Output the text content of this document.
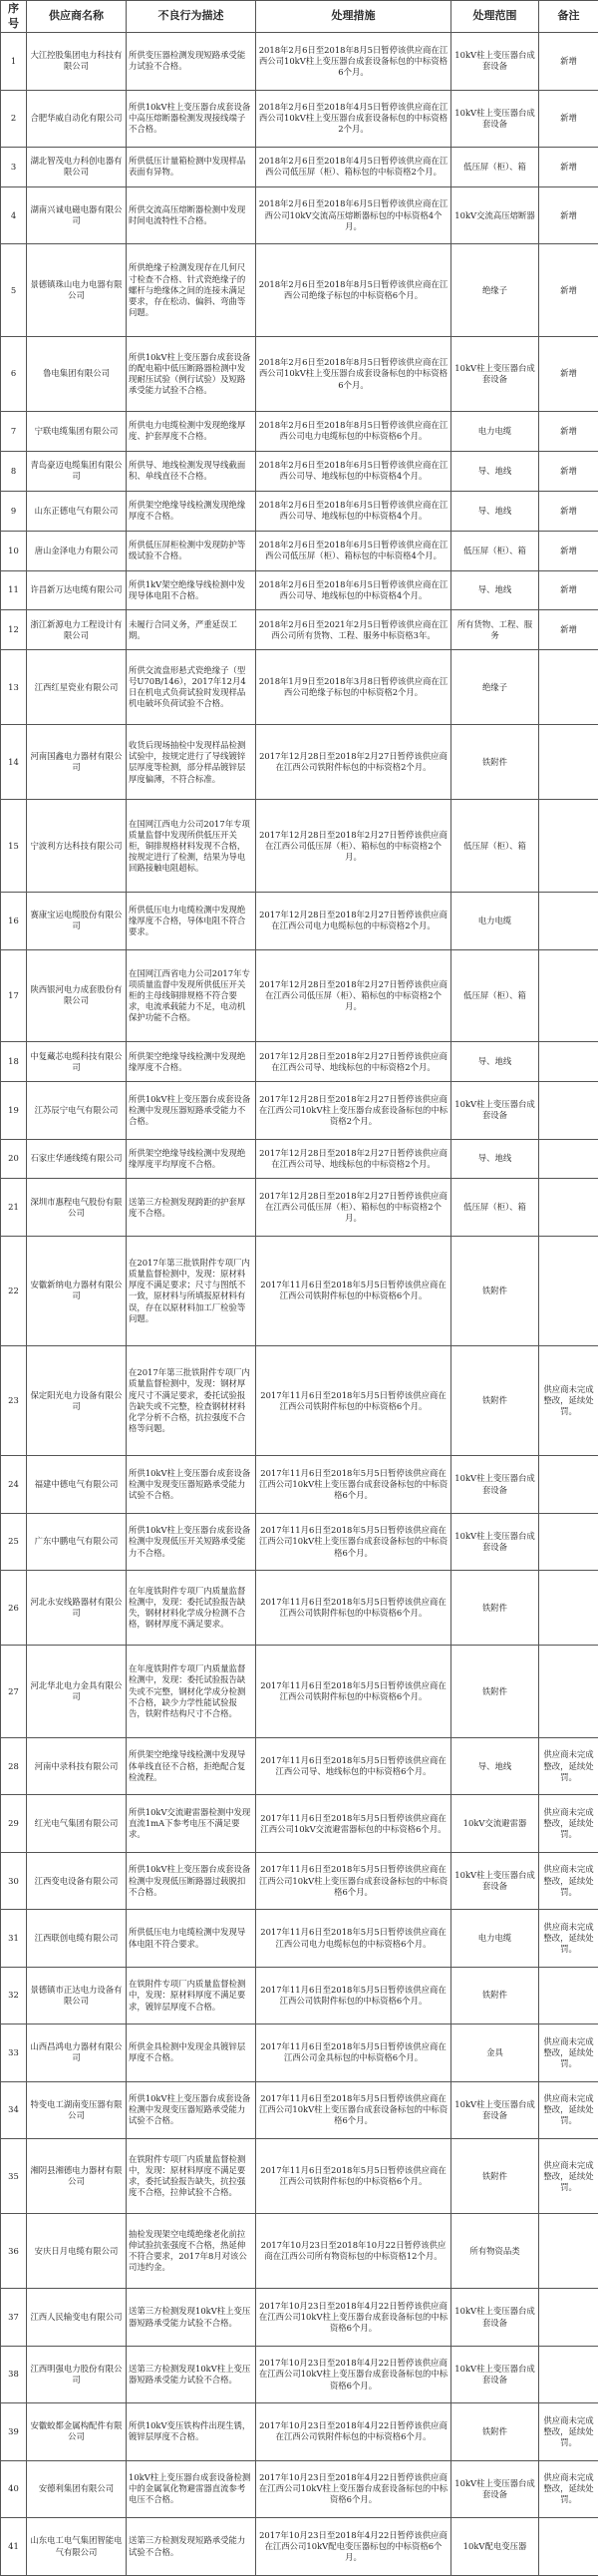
序号	供应商名称	不良行为描述	处理措施	处理范围	备注
1	大江控股集团电力科技有限公司	所供变压器检测发现短路承受能力试验不合格。	2018年2月6日至2018年8月5日暂停该供应商在江西公司10kV柱上变压器台成套设备标包的中标资格6个月。	10kV柱上变压器台成套设备	新增
2	合肥华威自动化有限公司	所供10kV柱上变压器台成套设备中高压熔断器检测发现接线端子不合格。	2018年2月6日至2018年4月5日暂停该供应商在江西公司10kV柱上变压器台成套设备标包的中标资格2个月。	10kV柱上变压器台成套设备	新增
3	湖北智茂电力科创电器有限公司	所供低压计量箱检测中发现样品表面有异物。	2018年2月6日至2018年4月5日暂停该供应商在江西公司低压屏（柜）、箱标包的中标资格2个月。	低压屏（柜）、箱	新增
4	湖南兴诚电磁电器有限公司	所供交流高压熔断器检测中发现时间电流特性不合格。	2018年2月6日至2018年6月5日暂停该供应商在江西公司10kV交流高压熔断器标包的中标资格4个月。	10kV交流高压熔断器	新增
5	景德镇珠山电力电器有限公司	所供绝缘子检测发现存在几何尺寸检查不合格、针式瓷绝缘子的螺杆与绝缘体之间的连接未满足要求，存在松动、偏斜、弯曲等问题。	2018年2月6日至2018年8月5日暂停该供应商在江西公司绝缘子标包的中标资格6个月。	绝缘子	新增
6	鲁电集团有限公司	所供10kV柱上变压器台成套设备的配电箱中低压断路器检测中发现耐压试验（例行试验）及短路承受能力试验不合格。	2018年2月6日至2018年8月5日暂停该供应商在江西公司10kV柱上变压器台成套设备标包的中标资格6个月。	10kV柱上变压器台成套设备	新增
7	宁联电缆集团有限公司	所供电力电缆检测中发现绝缘厚度、护套厚度不合格。	2018年2月6日至2018年8月5日暂停该供应商在江西公司电力电缆标包的中标资格6个月。	电力电缆	新增
8	青岛豪迈电缆集团有限公司	所供导、地线检测发现导线截面积、单线直径不合格。	2018年2月6日至2018年6月5日暂停该供应商在江西公司导、地线标包的中标资格4个月。	导、地线	新增
9	山东正德电气有限公司	所供架空绝缘导线检测发现绝缘厚度不合格。	2018年2月6日至2018年6月5日暂停该供应商在江西公司导、地线标包的中标资格4个月。	导、地线	新增
10	唐山金泽电力有限公司	所供低压屏柜检测中发现防护等级试验不合格。	2018年2月6日至2018年6月5日暂停该供应商在江西公司低压屏（柜）、箱标包的中标资格4个月。	低压屏（柜）、箱	新增
11	许昌新万达电缆有限公司	所供1kV架空绝缘导线检测中发现导体电阻不合格。	2018年2月6日至2018年6月5日暂停该供应商在江西公司导、地线标包的中标资格4个月。	导、地线	新增
12	浙江新源电力工程设计有限公司	未履行合同义务，严重延误工期。	2018年2月6日至2021年2月5日暂停该供应商在江西公司所有货物、工程、服务中标资格3年。	所有货物、工程、服务	新增
13	江西红星瓷业有限公司	所供交流盘形悬式瓷绝缘子（型号U70B/146），2017年12月4日在机电式负荷试验时发现样品机电破坏负荷试验不合格。	2018年1月9日至2018年3月8日暂停该供应商在江西公司绝缘子标包的中标资格2个月。	绝缘子	
14	河南国鑫电力器材有限公司	收货后现场抽检中发现样品检测试验中，按规定进行了导线镀锌层厚度等检测，部分样品镀锌层厚度偏薄，不符合标准。	2017年12月28日至2018年2月27日暂停该供应商在江西公司铁附件标包的中标资格2个月。	铁附件	
15	宁波利方达科技有限公司	在国网江西电力公司2017年专项质量监督中发现所供低压开关柜，铜排规格材料发现不合格，按规定进行了检测，结果为导电回路接触电阻超标。	2017年12月28日至2018年2月27日暂停该供应商在江西公司低压屏（柜）、箱标包的中标资格2个月。	低压屏（柜）、箱	
16	赛康宝运电缆股份有限公司	所供低压电力电缆检测中发现绝缘厚度不合格，导体电阻不符合要求。	2017年12月28日至2018年2月27日暂停该供应商在江西公司电力电缆标包的中标资格2个月。	电力电缆	
17	陕西银河电力成套股份有限公司	在国网江西省电力公司2017年专项质量监督中发现所供低压开关柜的主母线铜排规格不符合要求，电流承载能力不足，电动机保护功能不合格。	2017年12月28日至2018年2月27日暂停该供应商在江西公司低压屏（柜）、箱标包的中标资格2个月。	低压屏（柜）、箱	
18	中复藏芯电缆科技有限公司	所供架空绝缘导线检测中发现绝缘厚度不合格。	2017年12月28日至2018年2月27日暂停该供应商在江西公司导、地线标包的中标资格2个月。	导、地线	
19	江苏辰宁电气有限公司	所供10kV柱上变压器台成套设备检测中发现压器短路承受能力不合格。	2017年12月28日至2018年2月27日暂停该供应商在江西公司10kV柱上变压器台成套设备标包的中标资格2个月。	10kV柱上变压器台成套设备	
20	石家庄华通线缆有限公司	所供架空绝缘导线检测中发现绝缘厚度平均厚度不合格。	2017年12月28日至2018年2月27日暂停该供应商在江西公司导、地线标包的中标资格2个月。	导、地线	
21	深圳市惠程电气股份有限公司	送第三方检测发现跨距的护套厚度不合格。	2017年12月28日至2018年2月27日暂停该供应商在江西公司低压屏（柜）、箱标包的中标资格2个月。	低压屏（柜）、箱	
22	安徽新纳电力器材有限公司	在2017年第三批铁附件专项厂内质量监督检测中，发现：原材料厚度不满足要求；尺寸与图纸不一致，原材料与所填报原材料有误，存在以原材料加工厂检验等问题。	2017年11月6日至2018年5月5日暂停该供应商在江西公司铁附件标包的中标资格6个月。	铁附件	
23	保定阳光电力设备有限公司	在2017年第三批铁附件专项厂内质量监督检测中，发现：钢材厚度尺寸不满足要求，委托试验报告缺失或不完整，检查钢材材料化学分析不合格，抗拉强度不合格等问题。	2017年11月6日至2018年5月5日暂停该供应商在江西公司铁附件标包的中标资格6个月。	铁附件	供应商未完成整改，延续处罚。
24	福建中德电气有限公司	所供10kV柱上变压器台成套设备检测中发现变压器短路承受能力试验不合格。	2017年11月6日至2018年5月5日暂停该供应商在江西公司10kV柱上变压器台成套设备标包的中标资格6个月。	10kV柱上变压器台成套设备	
25	广东中鹏电气有限公司	所供10kV柱上变压器台成套设备检测中发现低压开关短路承受能力不合格。	2017年11月6日至2018年5月5日暂停该供应商在江西公司10kV柱上变压器台成套设备标包的中标资格6个月。	10kV柱上变压器台成套设备	
26	河北永安线路器材有限公司	在年度铁附件专项厂内质量监督检测中，发现：委托试验报告缺失，钢材材料化学成分检测不合格，钢材厚度不满足要求。	2017年11月6日至2018年5月5日暂停该供应商在江西公司铁附件标包的中标资格6个月。	铁附件	
27	河北华北电力金具有限公司	在年度铁附件专项厂内质量监督检测中，发现：委托试验报告缺失或不完整，钢材化学成分检测不合格，缺少力学性能试验报告，铁附件结构尺寸不合格。	2017年11月6日至2018年5月5日暂停该供应商在江西公司铁附件标包的中标资格6个月。	铁附件	
28	河南中录科技有限公司	所供架空绝缘导线检测中发现导体单线直径不合格，拒绝配合复检流程。	2017年11月6日至2018年5月5日暂停该供应商在江西公司导、地线标包的中标资格6个月。	导、地线	供应商未完成整改，延续处罚。
29	红光电气集团有限公司	所供10kV交流避雷器检测中发现直流1mA下参考电压不满足要求。	2017年11月6日至2018年5月5日暂停该供应商在江西公司10kV交流避雷器标包的中标资格6个月。	10kV交流避雷器	供应商未完成整改，延续处罚。
30	江西变电设备有限公司	所供10kV柱上变压器台成套设备检测中发现低压断路器过载脱扣不合格。	2017年11月6日至2018年5月5日暂停该供应商在江西公司10kV柱上变压器台成套设备标包的中标资格6个月。	10kV柱上变压器台成套设备	供应商未完成整改，延续处罚。
31	江西联创电缆有限公司	所供低压电力电缆检测中发现导体电阻不符合要求。	2017年11月6日至2018年5月5日暂停该供应商在江西公司电力电缆标包的中标资格6个月。	电力电缆	供应商未完成整改，延续处罚。
32	景德镇市正达电力设备有限公司	在铁附件专项厂内质量监督检测中，发现：原材料厚度不满足要求，镀锌层厚度不合格。	2017年11月6日至2018年5月5日暂停该供应商在江西公司铁附件标包的中标资格6个月。	铁附件	
33	山西昌鸿电力器材有限公司	所供金具检测中发现金具镀锌层厚度不合格。	2017年11月6日至2018年5月5日暂停该供应商在江西公司金具标包的中标资格6个月。	金具	供应商未完成整改，延续处罚。
34	特变电工湖南变压器有限公司	所供10kV柱上变压器台成套设备检测中发现变压器短路承受能力试验不合格。	2017年11月6日至2018年5月5日暂停该供应商在江西公司10kV柱上变压器台成套设备标包的中标资格6个月。	10kV柱上变压器台成套设备	供应商未完成整改，延续处罚。
35	湘阴县湘德电力器材有限公司	在铁附件专项厂内质量监督检测中，发现：原材料厚度不满足要求，委托试验报告缺失，抗拉强度不合格，拉伸试验不合格。	2017年11月6日至2018年5月5日暂停该供应商在江西公司铁附件标包的中标资格6个月。	铁附件	供应商未完成整改，延续处罚。
36	安庆日月电缆有限公司	抽检发现架空电缆绝缘老化前拉伸试验抗张强度不合格，热延伸不符合要求，2017年8月对该公司违约金。	2017年10月23日至2018年10月22日暂停该供应商在江西公司所有物资标包的中标资格12个月。	所有物资品类	
37	江西人民输变电有限公司	送第三方检测发现10kV柱上变压器短路承受能力试验不合格。	2017年10月23日至2018年4月22日暂停该供应商在江西公司10kV柱上变压器台成套设备标包的中标资格6个月。	10kV柱上变压器台成套设备	
38	江西明强电力股份有限公司	送第三方检测发现10kV柱上变压器短路承受能力试验不合格。	2017年10月23日至2018年4月22日暂停该供应商在江西公司10kV柱上变压器台成套设备标包的中标资格6个月。	10kV柱上变压器台成套设备	
39	安徽蛟都金属构配件有限公司	所供10kV变压铁构件出现生锈，镀锌层厚度不合格。	2017年10月23日至2018年4月22日暂停该供应商在江西公司铁附件标包的中标资格6个月。	铁附件	供应商未完成整改，延续处罚。
40	安德利集团有限公司	10kV柱上变压器台成套设备检测中的金属氧化物避雷器直流参考电压不合格。	2017年10月23日至2018年4月22日暂停该供应商在江西公司10kV柱上变压器台成套设备标包的中标资格6个月。	10kV柱上变压器台成套设备	供应商未完成整改，延续处罚。
41	山东电工电气集团智能电气有限公司	送第三方检测发现短路承受能力试验不合格。	2017年10月23日至2018年4月22日暂停该供应商在江西公司10kV配电变压器标包的中标资格6个月。	10kV配电变压器	
